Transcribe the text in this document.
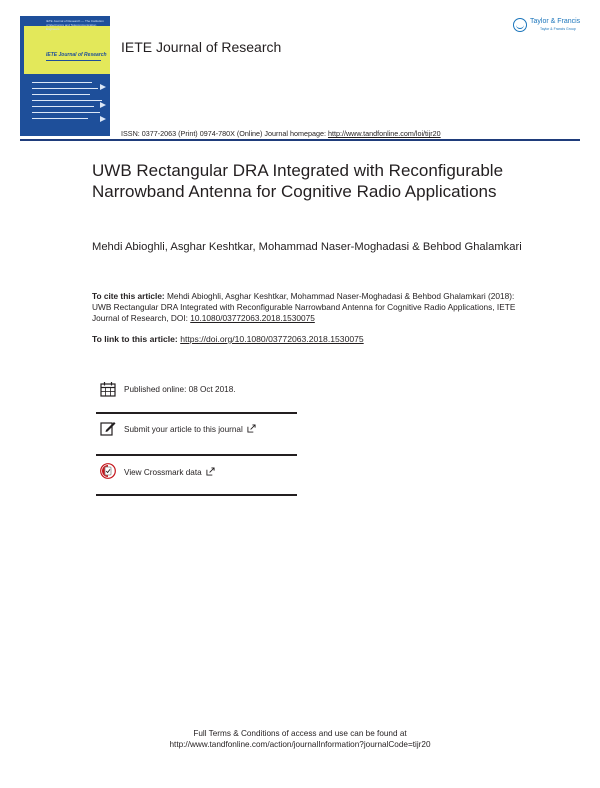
IETE Journal of Research — The Institution of Electronics and Telecommunication Engineers
IETE Journal of Research IETE Journal of Research
ISSN: 0377-2063 (Print) 0974-780X (Online) Journal homepage: http://www.tandfonline.com/loi/tijr20
Taylor & Francis
Taylor & Francis Group
UWB Rectangular DRA Integrated with Reconfigurable Narrowband Antenna for Cognitive Radio Applications
Mehdi Abioghli, Asghar Keshtkar, Mohammad Naser-Moghadasi & Behbod Ghalamkari
To cite this article: Mehdi Abioghli, Asghar Keshtkar, Mohammad Naser-Moghadasi & Behbod Ghalamkari (2018): UWB Rectangular DRA Integrated with Reconfigurable Narrowband Antenna for Cognitive Radio Applications, IETE Journal of Research, DOI: 10.1080/03772063.2018.1530075
To link to this article: https://doi.org/10.1080/03772063.2018.1530075
Published online: 08 Oct 2018.
Submit your article to this journal
View Crossmark data
Full Terms & Conditions of access and use can be found at
http://www.tandfonline.com/action/journalInformation?journalCode=tijr20
